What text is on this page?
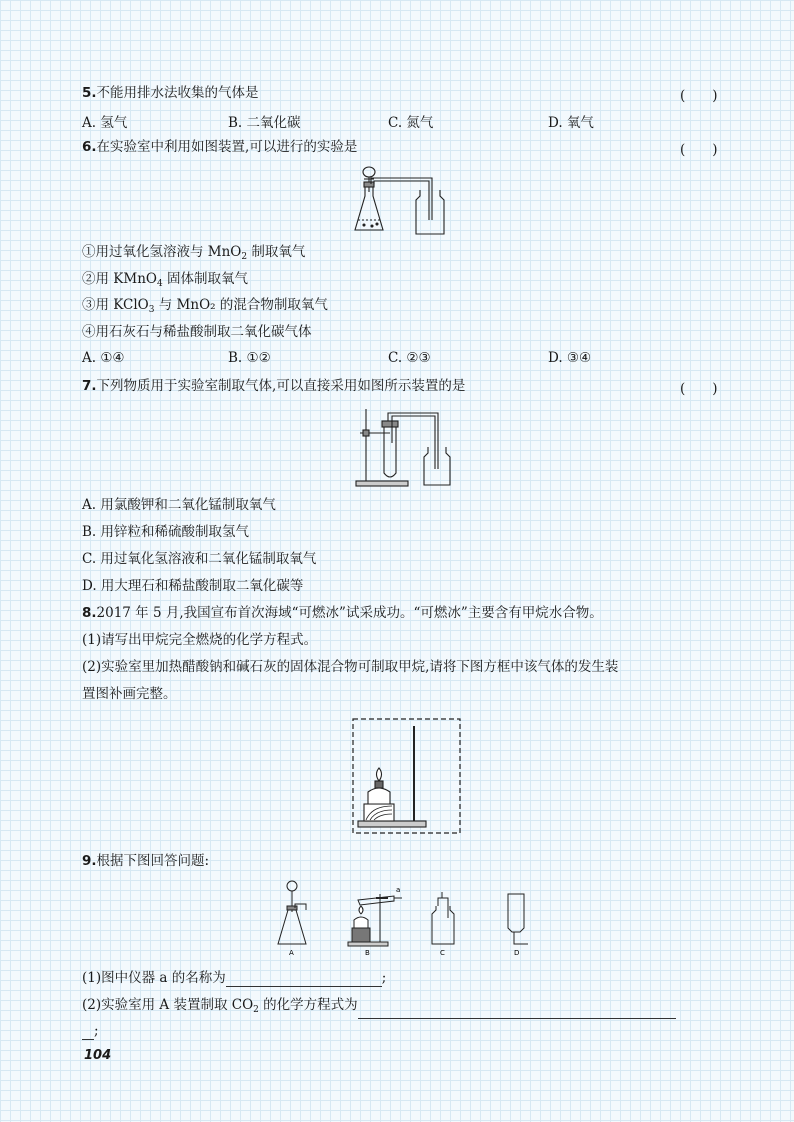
5.不能用排水法收集的气体是	(　　)
A. 氢气	B. 二氧化碳	C. 氮气	D. 氧气
6.在实验室中利用如图装置,可以进行的实验是	(　　)
①用过氧化氢溶液与 MnO$_2$ 制取氧气
②用 KMnO$_4$ 固体制取氧气
③用 KClO$_3$ 与 MnO₂ 的混合物制取氧气
④用石灰石与稀盐酸制取二氧化碳气体
A. ①④	B. ①②	C. ②③	D. ③④
7.下列物质用于实验室制取气体,可以直接采用如图所示装置的是	(　　)
A. 用氯酸钾和二氧化锰制取氧气
B. 用锌粒和稀硫酸制取氢气
C. 用过氧化氢溶液和二氧化锰制取氧气
D. 用大理石和稀盐酸制取二氧化碳等
8.2017 年 5 月,我国宣布首次海域“可燃冰”试采成功。“可燃冰”主要含有甲烷水合物。
(1)请写出甲烷完全燃烧的化学方程式。
(2)实验室里加热醋酸钠和碱石灰的固体混合物可制取甲烷,请将下图方框中该气体的发生装
置图补画完整。
9.根据下图回答问题:
A	B	C	D
a
(1)图中仪器 a 的名称为	;
(2)实验室用 A 装置制取 $CO_2$ 的化学方程式为
;
104
